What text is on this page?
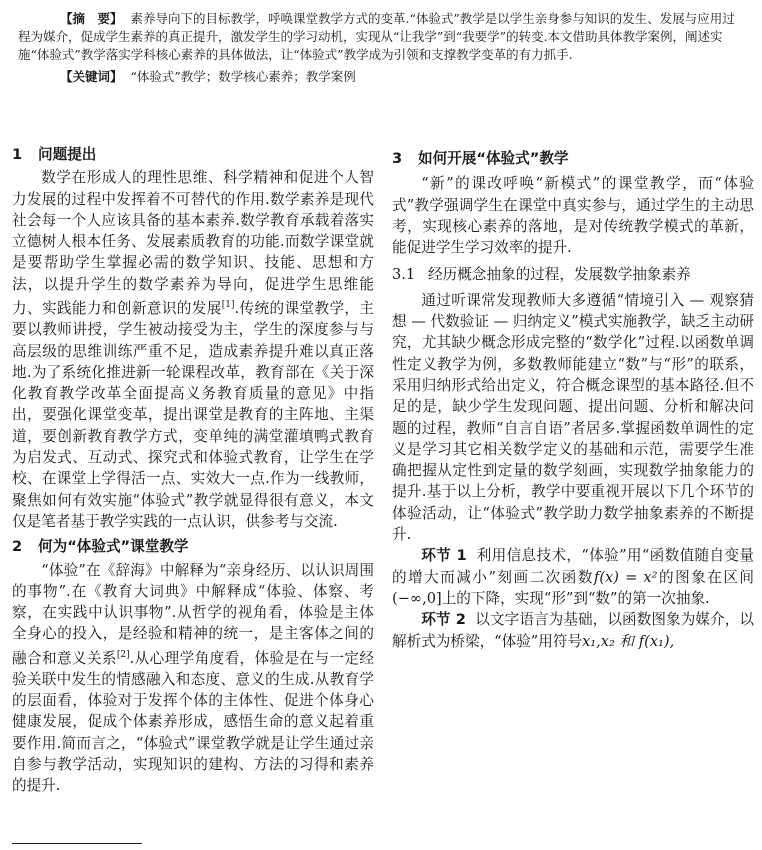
【摘　要】 素养导向下的目标教学，呼唤课堂教学方式的变革.“体验式”教学是以学生亲身参与知识的发生、发展与应用过程为媒介，促成学生素养的真正提升，激发学生的学习动机，实现从“让我学”到“我要学”的转变.本文借助具体教学案例，阐述实施“体验式”教学落实学科核心素养的具体做法，让“体验式”教学成为引领和支撑教学变革的有力抓手.

【关键词】 “体验式”教学；数学核心素养；教学案例

1 问题提出

数学在形成人的理性思维、科学精神和促进个人智力发展的过程中发挥着不可替代的作用.数学素养是现代社会每一个人应该具备的基本素养.数学教育承载着落实立德树人根本任务、发展素质教育的功能.而数学课堂就是要帮助学生掌握必需的数学知识、技能、思想和方法，以提升学生的数学素养为导向，促进学生思维能力、实践能力和创新意识的发展[1].传统的课堂教学，主要以教师讲授，学生被动接受为主，学生的深度参与与高层级的思维训练严重不足，造成素养提升难以真正落地.为了系统化推进新一轮课程改革，教育部在《关于深化教育教学改革全面提高义务教育质量的意见》中指出，要强化课堂变革，提出课堂是教育的主阵地、主渠道，要创新教育教学方式，变单纯的满堂灌填鸭式教育为启发式、互动式、探究式和体验式教育，让学生在学校、在课堂上学得活一点、实效大一点.作为一线教师，聚焦如何有效实施“体验式”教学就显得很有意义，本文仅是笔者基于教学实践的一点认识，供参考与交流.

2 何为“体验式”课堂教学

“体验”在《辞海》中解释为“亲身经历、以认识周围的事物”.在《教育大词典》中解释成“体验、体察、考察，在实践中认识事物”.从哲学的视角看，体验是主体全身心的投入，是经验和精神的统一，是主客体之间的融合和意义关系[2].从心理学角度看，体验是在与一定经验关联中发生的情感融入和态度、意义的生成.从教育学的层面看，体验对于发挥个体的主体性、促进个体身心健康发展，促成个体素养形成，感悟生命的意义起着重要作用.简而言之，“体验式”课堂教学就是让学生通过亲自参与教学活动，实现知识的建构、方法的习得和素养的提升.

3 如何开展“体验式”教学

“新”的课改呼唤“新模式”的课堂教学，而“体验式”教学强调学生在课堂中真实参与，通过学生的主动思考，实现核心素养的落地，是对传统教学模式的革新，能促进学生学习效率的提升.

3.1 经历概念抽象的过程，发展数学抽象素养

通过听课常发现教师大多遵循“情境引入 — 观察猜想 — 代数验证 — 归纳定义”模式实施教学，缺乏主动研究，尤其缺少概念形成完整的“数学化”过程.以函数单调性定义教学为例，多数教师能建立“数”与“形”的联系，采用归纳形式给出定义，符合概念课型的基本路径.但不足的是，缺少学生发现问题、提出问题、分析和解决问题的过程，教师“自言自语”者居多.掌握函数单调性的定义是学习其它相关数学定义的基础和示范，需要学生准确把握从定性到定量的数学刻画，实现数学抽象能力的提升.基于以上分析，教学中要重视开展以下几个环节的体验活动，让“体验式”教学助力数学抽象素养的不断提升.

环节 1 利用信息技术，“体验”用“函数值随自变量的增大而减小”刻画二次函数f(x) = x²的图象在区间(−∞,0]上的下降，实现“形”到“数”的第一次抽象.

环节 2 以文字语言为基础，以函数图象为媒介，以解析式为桥梁，“体验”用符号x₁,x₂ 和 f(x₁),
